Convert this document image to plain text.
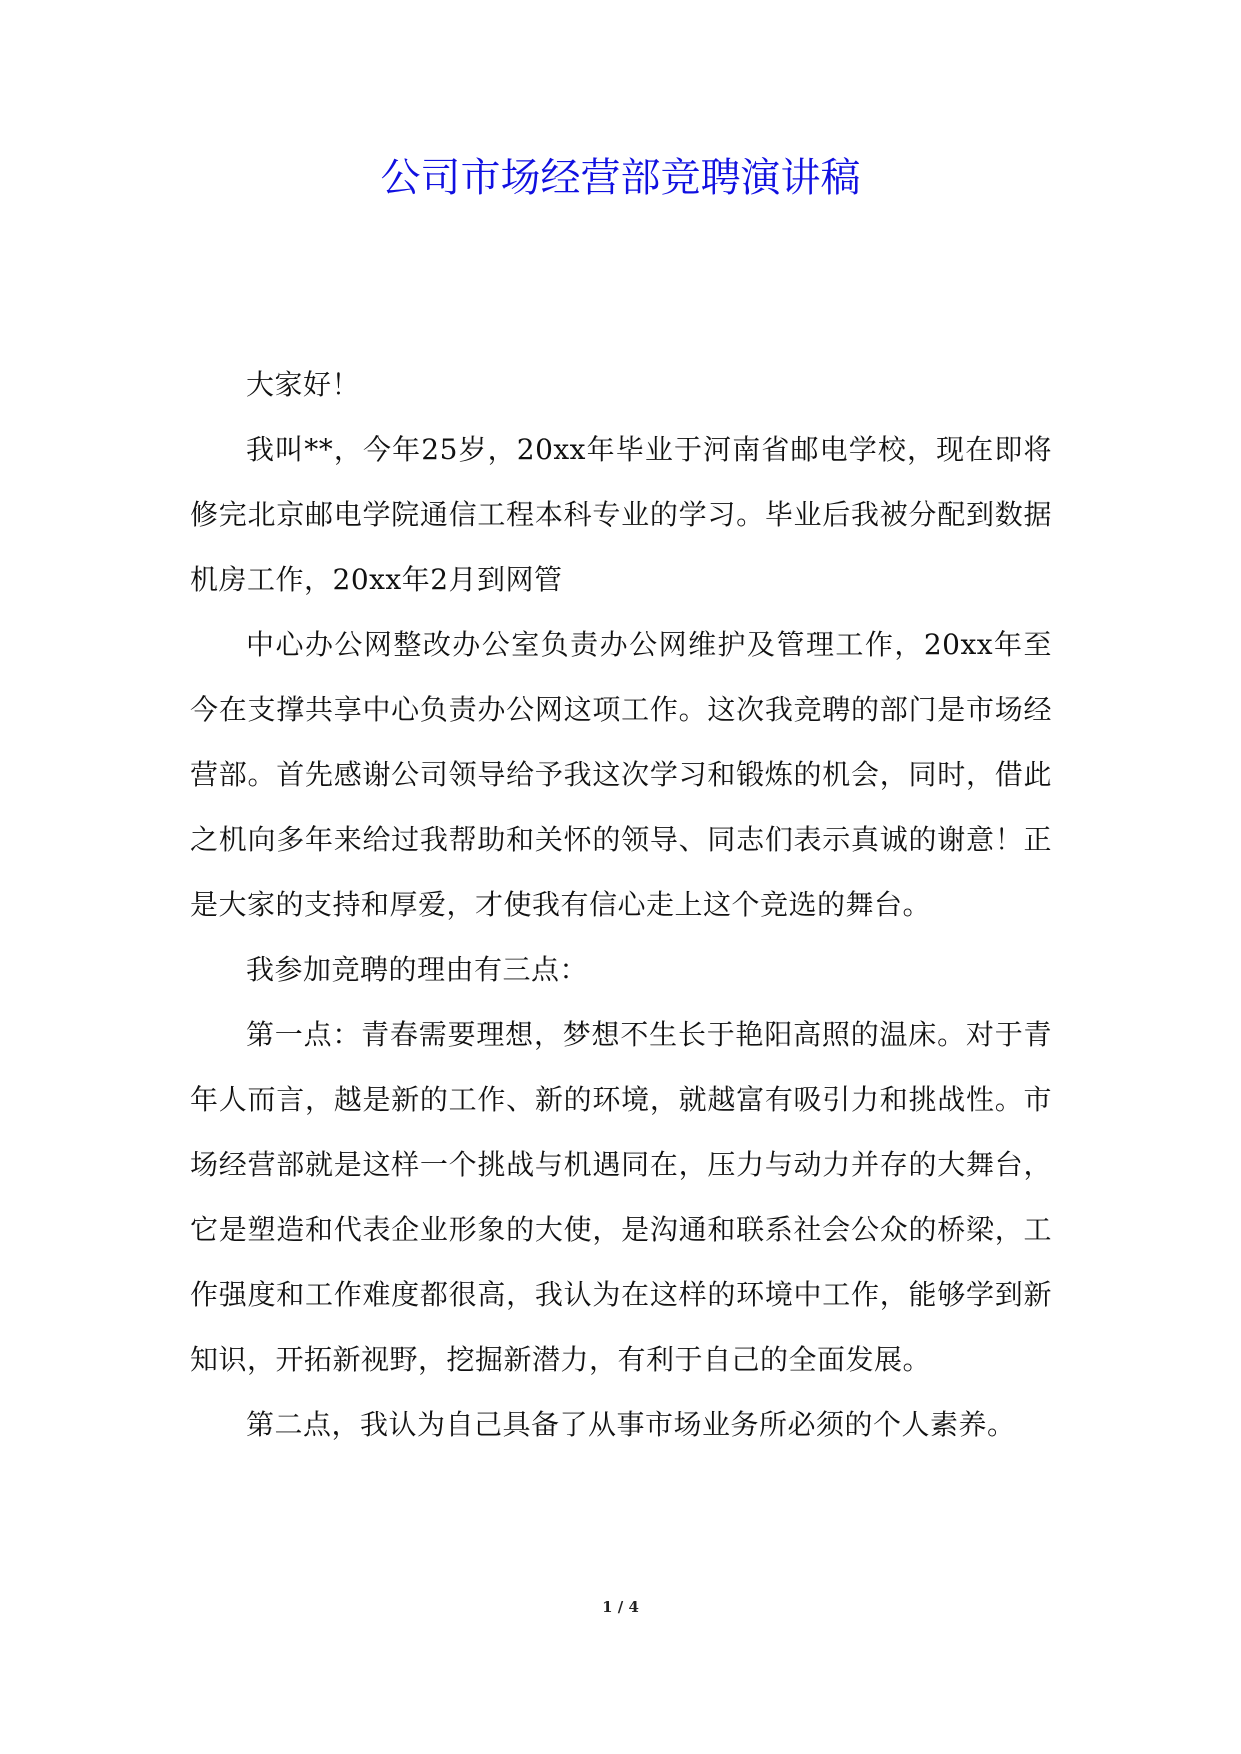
公司市场经营部竞聘演讲稿

大家好！

我叫**，今年25岁，20xx年毕业于河南省邮电学校，现在即将修完北京邮电学院通信工程本科专业的学习。毕业后我被分配到数据机房工作，20xx年2月到网管

中心办公网整改办公室负责办公网维护及管理工作，20xx年至今在支撑共享中心负责办公网这项工作。这次我竞聘的部门是市场经营部。首先感谢公司领导给予我这次学习和锻炼的机会，同时，借此之机向多年来给过我帮助和关怀的领导、同志们表示真诚的谢意！正是大家的支持和厚爱，才使我有信心走上这个竞选的舞台。

我参加竞聘的理由有三点：

第一点：青春需要理想，梦想不生长于艳阳高照的温床。对于青年人而言，越是新的工作、新的环境，就越富有吸引力和挑战性。市场经营部就是这样一个挑战与机遇同在，压力与动力并存的大舞台，它是塑造和代表企业形象的大使，是沟通和联系社会公众的桥梁，工作强度和工作难度都很高，我认为在这样的环境中工作，能够学到新知识，开拓新视野，挖掘新潜力，有利于自己的全面发展。

第二点，我认为自己具备了从事市场业务所必须的个人素养。

1 / 4
